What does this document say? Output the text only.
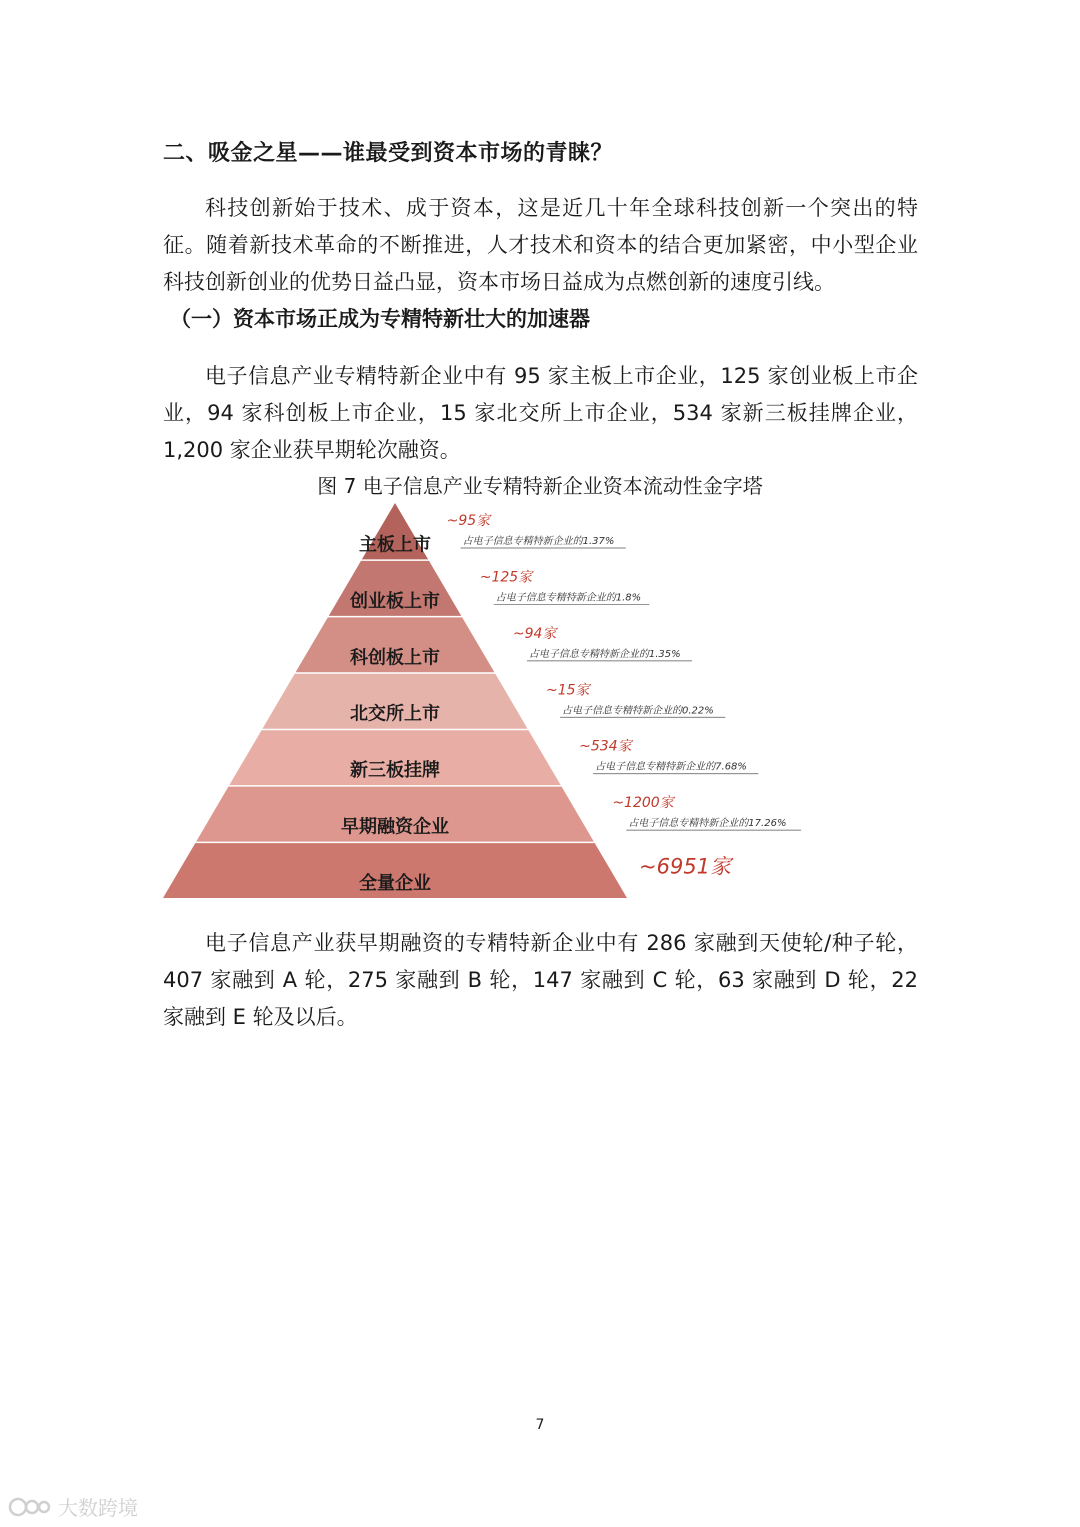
二、吸金之星——谁最受到资本市场的青睐？

科技创新始于技术、成于资本，这是近几十年全球科技创新一个突出的特征。随着新技术革命的不断推进，人才技术和资本的结合更加紧密，中小型企业科技创新创业的优势日益凸显，资本市场日益成为点燃创新的速度引线。

（一）资本市场正成为专精特新壮大的加速器

电子信息产业专精特新企业中有 95 家主板上市企业，125 家创业板上市企业，94 家科创板上市企业，15 家北交所上市企业，534 家新三板挂牌企业，1,200 家企业获早期轮次融资。

图 7 电子信息产业专精特新企业资本流动性金字塔
主板上市
~95家
占电子信息专精特新企业的1.37%
创业板上市
~125家
占电子信息专精特新企业的1.8%
科创板上市
~94家
占电子信息专精特新企业的1.35%
北交所上市
~15家
占电子信息专精特新企业的0.22%
新三板挂牌
~534家
占电子信息专精特新企业的7.68%
早期融资企业
~1200家
占电子信息专精特新企业的17.26%
全量企业
~6951家

电子信息产业获早期融资的专精特新企业中有 286 家融到天使轮/种子轮，407 家融到 A 轮，275 家融到 B 轮，147 家融到 C 轮，63 家融到 D 轮，22 家融到 E 轮及以后。

7
大数跨境
